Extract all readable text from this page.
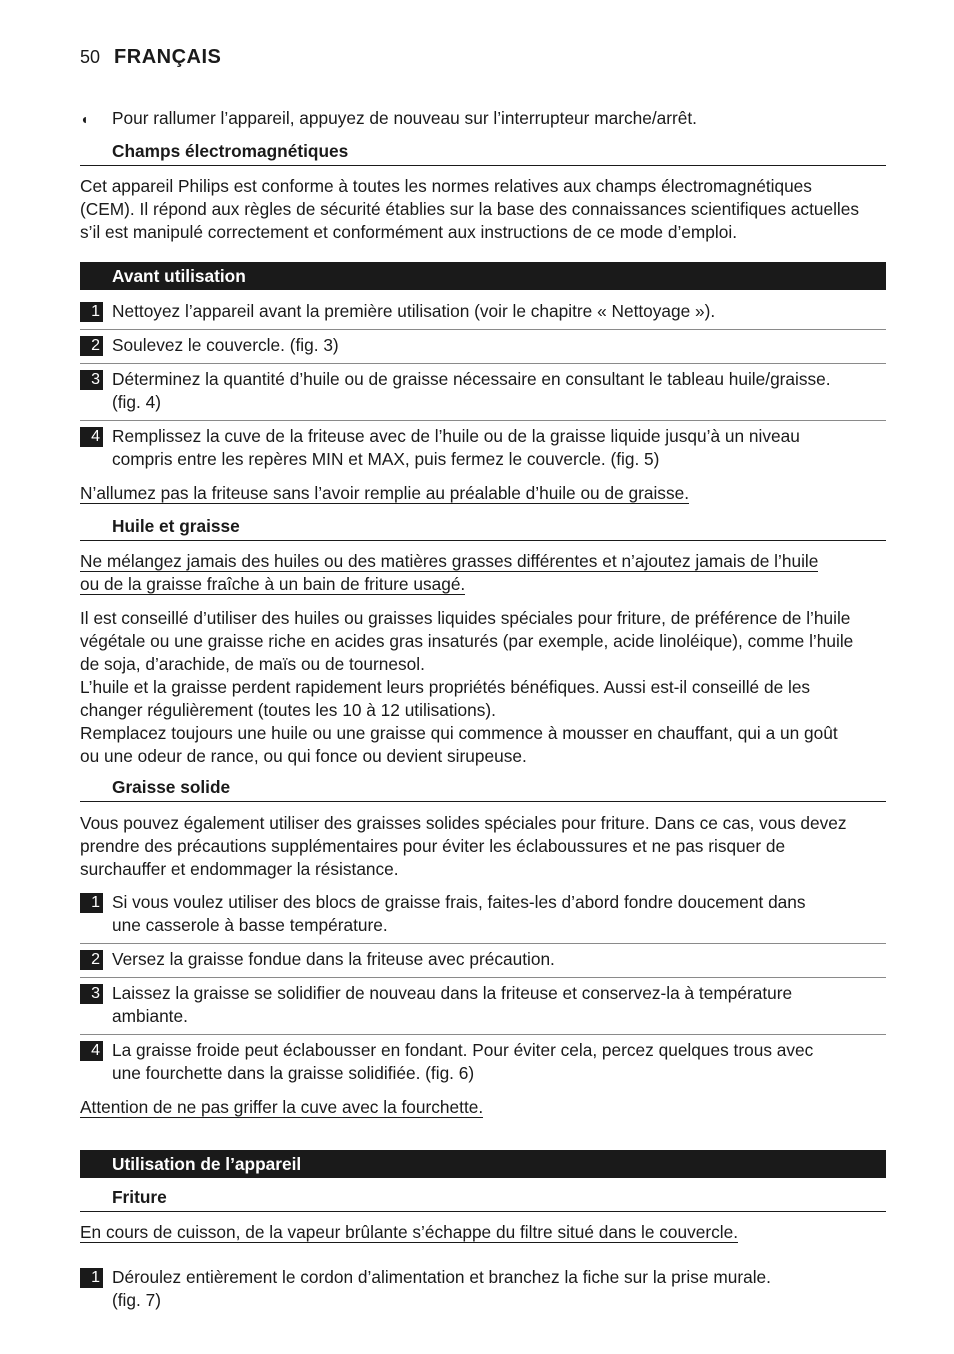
50 FRANÇAIS
◖ Pour rallumer l’appareil, appuyez de nouveau sur l’interrupteur marche/arrêt.
Champs électromagnétiques
Cet appareil Philips est conforme à toutes les normes relatives aux champs électromagnétiques
(CEM). Il répond aux règles de sécurité établies sur la base des connaissances scientifiques actuelles
s’il est manipulé correctement et conformément aux instructions de ce mode d’emploi.
Avant utilisation
1 Nettoyez l’appareil avant la première utilisation (voir le chapitre « Nettoyage »).
2 Soulevez le couvercle. (fig. 3)
3 Déterminez la quantité d’huile ou de graisse nécessaire en consultant le tableau huile/graisse.
(fig. 4)
4 Remplissez la cuve de la friteuse avec de l’huile ou de la graisse liquide jusqu’à un niveau
compris entre les repères MIN et MAX, puis fermez le couvercle. (fig. 5)
N’allumez pas la friteuse sans l’avoir remplie au préalable d’huile ou de graisse.
Huile et graisse
Ne mélangez jamais des huiles ou des matières grasses différentes et n’ajoutez jamais de l’huile
ou de la graisse fraîche à un bain de friture usagé.
Il est conseillé d’utiliser des huiles ou graisses liquides spéciales pour friture, de préférence de l’huile
végétale ou une graisse riche en acides gras insaturés (par exemple, acide linoléique), comme l’huile
de soja, d’arachide, de maïs ou de tournesol.
L’huile et la graisse perdent rapidement leurs propriétés bénéfiques. Aussi est-il conseillé de les
changer régulièrement (toutes les 10 à 12 utilisations).
Remplacez toujours une huile ou une graisse qui commence à mousser en chauffant, qui a un goût
ou une odeur de rance, ou qui fonce ou devient sirupeuse.
Graisse solide
Vous pouvez également utiliser des graisses solides spéciales pour friture. Dans ce cas, vous devez
prendre des précautions supplémentaires pour éviter les éclaboussures et ne pas risquer de
surchauffer et endommager la résistance.
1 Si vous voulez utiliser des blocs de graisse frais, faites-les d’abord fondre doucement dans
une casserole à basse température.
2 Versez la graisse fondue dans la friteuse avec précaution.
3 Laissez la graisse se solidifier de nouveau dans la friteuse et conservez-la à température
ambiante.
4 La graisse froide peut éclabousser en fondant. Pour éviter cela, percez quelques trous avec
une fourchette dans la graisse solidifiée. (fig. 6)
Attention de ne pas griffer la cuve avec la fourchette.
Utilisation de l’appareil
Friture
En cours de cuisson, de la vapeur brûlante s’échappe du filtre situé dans le couvercle.
1 Déroulez entièrement le cordon d’alimentation et branchez la fiche sur la prise murale.
(fig. 7)
